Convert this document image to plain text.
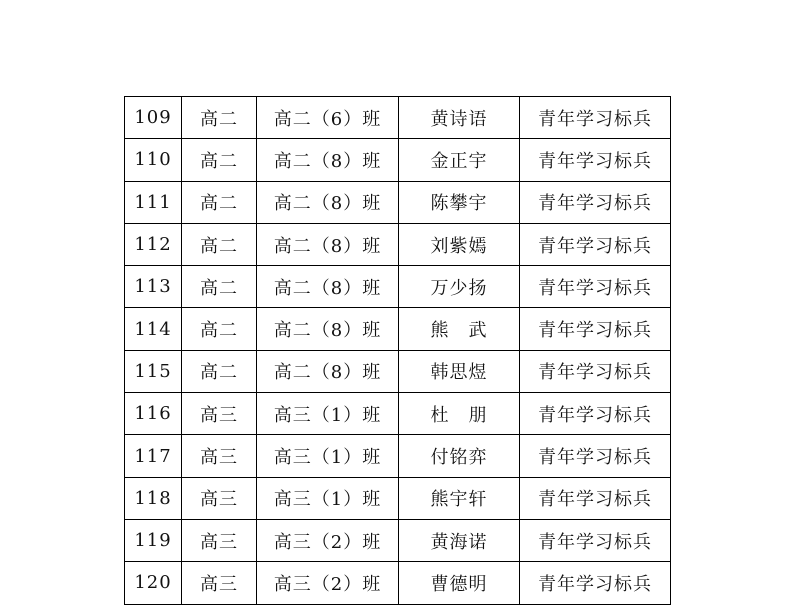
109	高二	高二（6）班	黄诗语	青年学习标兵
110	高二	高二（8）班	金正宇	青年学习标兵
111	高二	高二（8）班	陈攀宇	青年学习标兵
112	高二	高二（8）班	刘紫嫣	青年学习标兵
113	高二	高二（8）班	万少扬	青年学习标兵
114	高二	高二（8）班	熊　武	青年学习标兵
115	高二	高二（8）班	韩思煜	青年学习标兵
116	高三	高三（1）班	杜　朋	青年学习标兵
117	高三	高三（1）班	付铭弈	青年学习标兵
118	高三	高三（1）班	熊宇轩	青年学习标兵
119	高三	高三（2）班	黄海诺	青年学习标兵
120	高三	高三（2）班	曹德明	青年学习标兵
